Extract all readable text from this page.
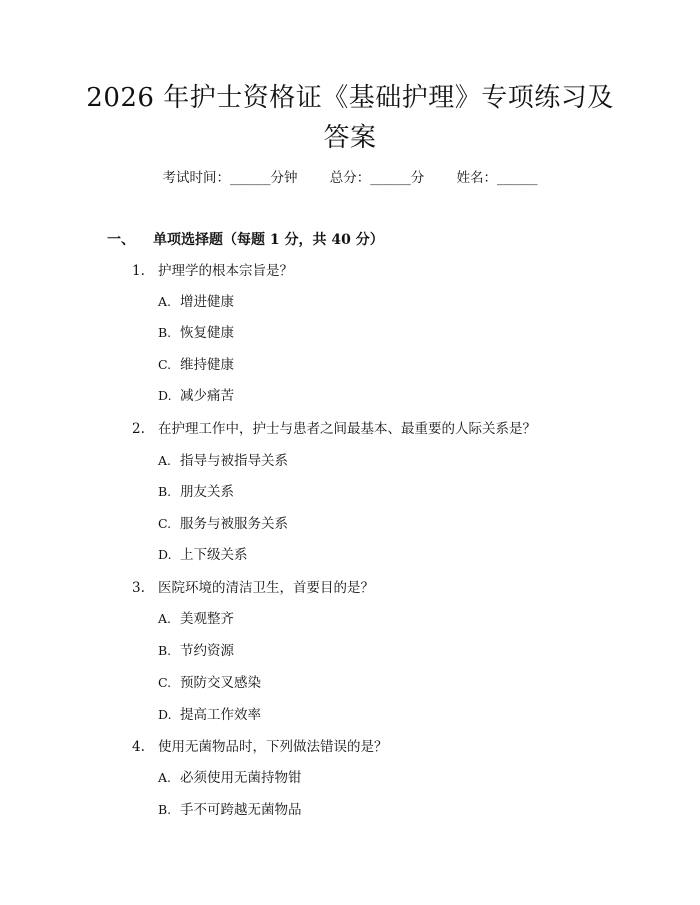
2026 年护士资格证《基础护理》专项练习及
答案
考试时间：______分钟 总分：______分 姓名：______
一、 单项选择题（每题 1 分，共 40 分）
1. 护理学的根本宗旨是？
A. 增进健康
B. 恢复健康
C. 维持健康
D. 减少痛苦
2. 在护理工作中，护士与患者之间最基本、最重要的人际关系是？
A. 指导与被指导关系
B. 朋友关系
C. 服务与被服务关系
D. 上下级关系
3. 医院环境的清洁卫生，首要目的是？
A. 美观整齐
B. 节约资源
C. 预防交叉感染
D. 提高工作效率
4. 使用无菌物品时，下列做法错误的是？
A. 必须使用无菌持物钳
B. 手不可跨越无菌物品
